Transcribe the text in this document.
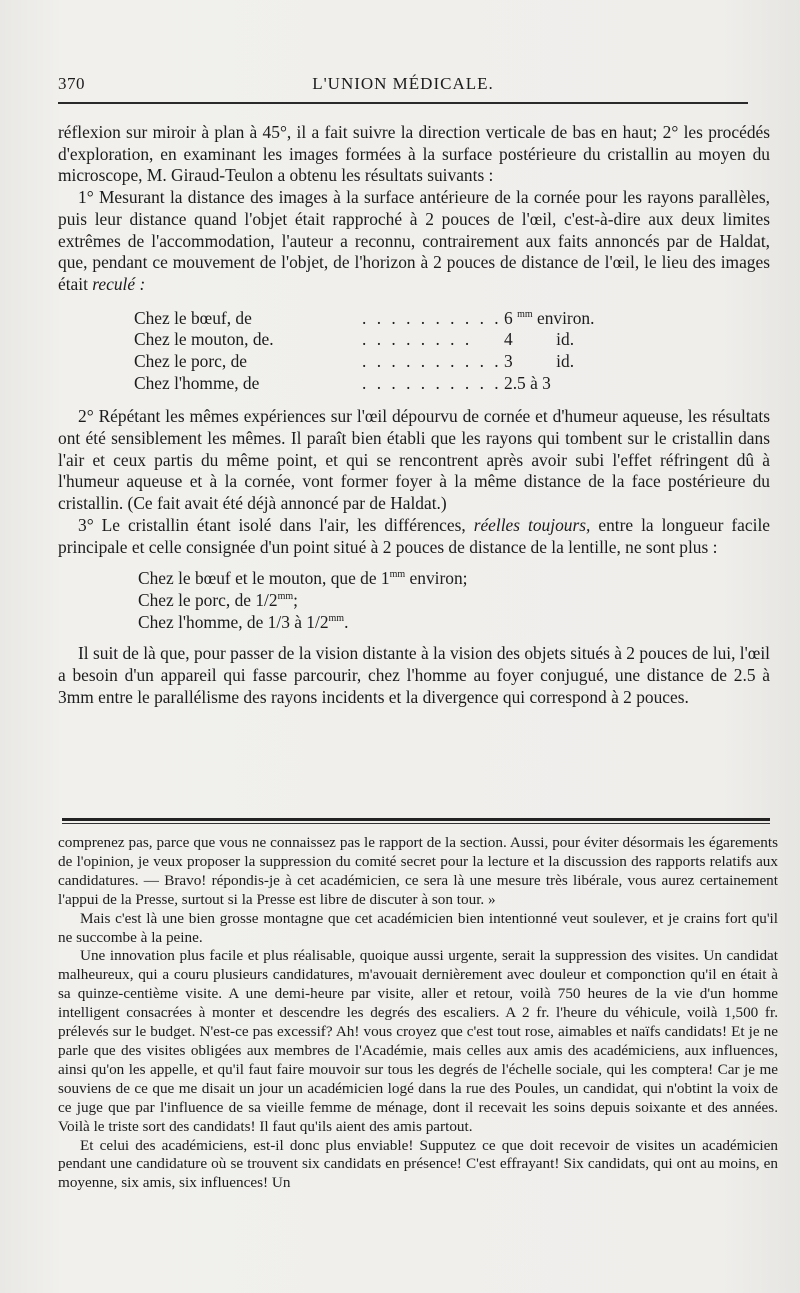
370	L'UNION MÉDICALE.

réflexion sur miroir à plan à 45°, il a fait suivre la direction verticale de bas en haut; 2° les procédés d'exploration, en examinant les images formées à la surface postérieure du cristallin au moyen du microscope, M. Giraud-Teulon a obtenu les résultats suivants :

1° Mesurant la distance des images à la surface antérieure de la cornée pour les rayons parallèles, puis leur distance quand l'objet était rapproché à 2 pouces de l'œil, c'est-à-dire aux deux limites extrêmes de l'accommodation, l'auteur a reconnu, contrairement aux faits annoncés par de Haldat, que, pendant ce mouvement de l'objet, de l'horizon à 2 pouces de distance de l'œil, le lieu des images était reculé :

Chez le bœuf, de	. . . . . . . . . . 6 $^{mm}$ environ.
Chez le mouton, de.	. . . . . . . . 4          id.
Chez le porc, de	. . . . . . . . . . 3          id.
Chez l'homme, de	. . . . . . . . . . 2.5 à 3

2° Répétant les mêmes expériences sur l'œil dépourvu de cornée et d'humeur aqueuse, les résultats ont été sensiblement les mêmes. Il paraît bien établi que les rayons qui tombent sur le cristallin dans l'air et ceux partis du même point, et qui se rencontrent après avoir subi l'effet réfringent dû à l'humeur aqueuse et à la cornée, vont former foyer à la même distance de la face postérieure du cristallin. (Ce fait avait été déjà annoncé par de Haldat.)

3° Le cristallin étant isolé dans l'air, les différences, réelles toujours, entre la longueur facile principale et celle consignée d'un point situé à 2 pouces de distance de la lentille, ne sont plus :

Chez le bœuf et le mouton, que de $1^{mm}$ environ;
Chez le porc, de $1/2^{mm}$;
Chez l'homme, de 1/3 à $1/2^{mm}$.

Il suit de là que, pour passer de la vision distante à la vision des objets situés à 2 pouces de lui, l'œil a besoin d'un appareil qui fasse parcourir, chez l'homme au foyer conjugué, une distance de 2.5 à 3mm entre le parallélisme des rayons incidents et la divergence qui correspond à 2 pouces.

comprenez pas, parce que vous ne connaissez pas le rapport de la section. Aussi, pour éviter désormais les égarements de l'opinion, je veux proposer la suppression du comité secret pour la lecture et la discussion des rapports relatifs aux candidatures. — Bravo! répondis-je à cet académicien, ce sera là une mesure très libérale, vous aurez certainement l'appui de la Presse, surtout si la Presse est libre de discuter à son tour. »

Mais c'est là une bien grosse montagne que cet académicien bien intentionné veut soulever, et je crains fort qu'il ne succombe à la peine.

Une innovation plus facile et plus réalisable, quoique aussi urgente, serait la suppression des visites. Un candidat malheureux, qui a couru plusieurs candidatures, m'avouait dernièrement avec douleur et componction qu'il en était à sa quinze-centième visite. A une demi-heure par visite, aller et retour, voilà 750 heures de la vie d'un homme intelligent consacrées à monter et descendre les degrés des escaliers. A 2 fr. l'heure du véhicule, voilà 1,500 fr. prélevés sur le budget. N'est-ce pas excessif? Ah! vous croyez que c'est tout rose, aimables et naïfs candidats! Et je ne parle que des visites obligées aux membres de l'Académie, mais celles aux amis des académiciens, aux influences, ainsi qu'on les appelle, et qu'il faut faire mouvoir sur tous les degrés de l'échelle sociale, qui les comptera! Car je me souviens de ce que me disait un jour un académicien logé dans la rue des Poules, un candidat, qui n'obtint la voix de ce juge que par l'influence de sa vieille femme de ménage, dont il recevait les soins depuis soixante et des années. Voilà le triste sort des candidats! Il faut qu'ils aient des amis partout.

Et celui des académiciens, est-il donc plus enviable! Supputez ce que doit recevoir de visites un académicien pendant une candidature où se trouvent six candidats en présence! C'est effrayant! Six candidats, qui ont au moins, en moyenne, six amis, six influences! Un
